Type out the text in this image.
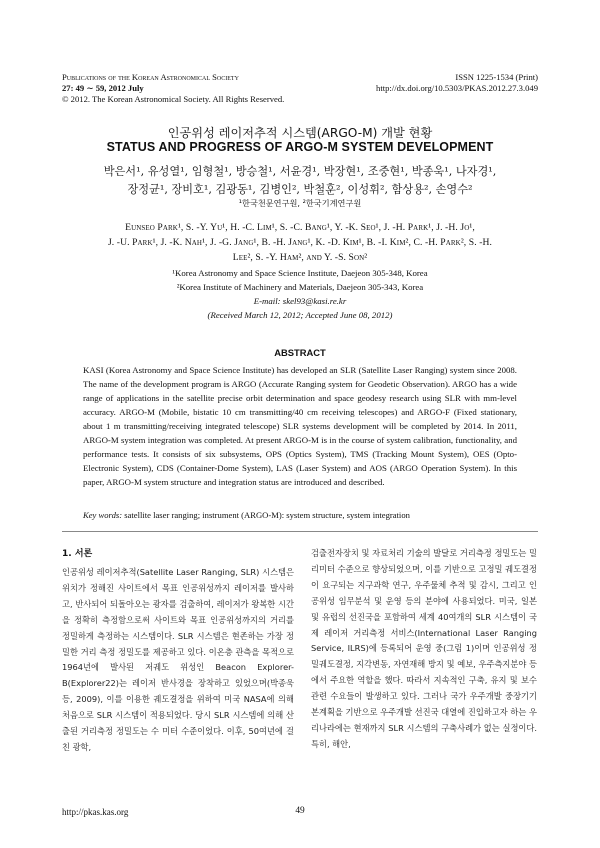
Publications of the Korean Astronomical Society	ISSN 1225-1534 (Print)
27: 49 ∼ 59, 2012 July	http://dx.doi.org/10.5303/PKAS.2012.27.3.049
© 2012. The Korean Astronomical Society. All Rights Reserved.
인공위성 레이저추적 시스템(ARGO-M) 개발 현황
STATUS AND PROGRESS OF ARGO-M SYSTEM DEVELOPMENT
박은서¹, 유성열¹, 임형철¹, 방승철¹, 서윤경¹, 박장현¹, 조중현¹, 박종욱¹, 나자경¹,
장정균¹, 장비호¹, 김광동¹, 김병인², 박철훈², 이성휘², 함상용², 손영수²
¹한국천문연구원, ²한국기계연구원
Eunseo Park¹, S. -Y. Yu¹, H. -C. Lim¹, S. -C. Bang¹, Y. -K. Seo¹, J. -H. Park¹, J. -H. Jo¹,
J. -U. Park¹, J. -K. Nah¹, J. -G. Jang¹, B. -H. Jang¹, K. -D. Kim¹, B. -I. Kim², C. -H. Park², S. -H.
Lee², S. -Y. Ham², and Y. -S. Son²
¹Korea Astronomy and Space Science Institute, Daejeon 305-348, Korea
²Korea Institute of Machinery and Materials, Daejeon 305-343, Korea
E-mail: skel93@kasi.re.kr
(Received March 12, 2012; Accepted June 08, 2012)
ABSTRACT
KASI (Korea Astronomy and Space Science Institute) has developed an SLR (Satellite Laser Ranging) system since 2008. The name of the development program is ARGO (Accurate Ranging system for Geodetic Observation). ARGO has a wide range of applications in the satellite precise orbit determination and space geodesy research using SLR with mm-level accuracy. ARGO-M (Mobile, bistatic 10 cm transmitting/40 cm receiving telescopes) and ARGO-F (Fixed stationary, about 1 m transmitting/receiving integrated telescope) SLR systems development will be completed by 2014. In 2011, ARGO-M system integration was completed. At present ARGO-M is in the course of system calibration, functionality, and performance tests. It consists of six subsystems, OPS (Optics System), TMS (Tracking Mount System), OES (Opto-Electronic System), CDS (Container-Dome System), LAS (Laser System) and AOS (ARGO Operation System). In this paper, ARGO-M system structure and integration status are introduced and described.
Key words: satellite laser ranging; instrument (ARGO-M): system structure, system integration
1. 서론

인공위성 레이저추적(Satellite Laser Ranging, SLR) 시스템은 위치가 정해진 사이트에서 목표 인공위성까지 레이저를 발사하고, 반사되어 되돌아오는 광자를 검출하여, 레이저가 왕복한 시간을 정확히 측정함으로써 사이트와 목표 인공위성까지의 거리를 정밀하게 측정하는 시스템이다. SLR 시스템은 현존하는 가장 정밀한 거리 측정 정밀도를 제공하고 있다. 이온층 관측을 목적으로 1964년에 발사된 저궤도 위성인 Beacon Explorer-B(Explorer22)는 레이저 반사경을 장착하고 있었으며(박종욱 등, 2009), 이를 이용한 궤도결정을 위하여 미국 NASA에 의해 처음으로 SLR 시스템이 적용되었다. 당시 SLR 시스템에 의해 산출된 거리측정 정밀도는 수 미터 수준이었다. 이후, 50여년에 걸친 광학,

검출전자장치 및 자료처리 기술의 발달로 거리측정 정밀도는 밀리미터 수준으로 향상되었으며, 이를 기반으로 고정밀 궤도결정이 요구되는 지구과학 연구, 우주물체 추적 및 감시, 그리고 인공위성 임무분석 및 운영 등의 분야에 사용되었다. 미국, 일본 및 유럽의 선진국을 포함하여 세계 40여개의 SLR 시스템이 국제 레이저 거리측정 서비스(International Laser Ranging Service, ILRS)에 등록되어 운영 중(그림 1)이며 인공위성 정밀궤도결정, 지각변동, 자연재해 방지 및 예보, 우주측지분야 등에서 주요한 역할을 했다. 따라서 지속적인 구축, 유지 및 보수 관련 수요들이 발생하고 있다. 그러나 국가 우주개발 중장기기본계획을 기반으로 우주개발 선진국 대열에 진입하고자 하는 우리나라에는 현재까지 SLR 시스템의 구축사례가 없는 실정이다. 특히, 해안,

http://pkas.kas.org	49
